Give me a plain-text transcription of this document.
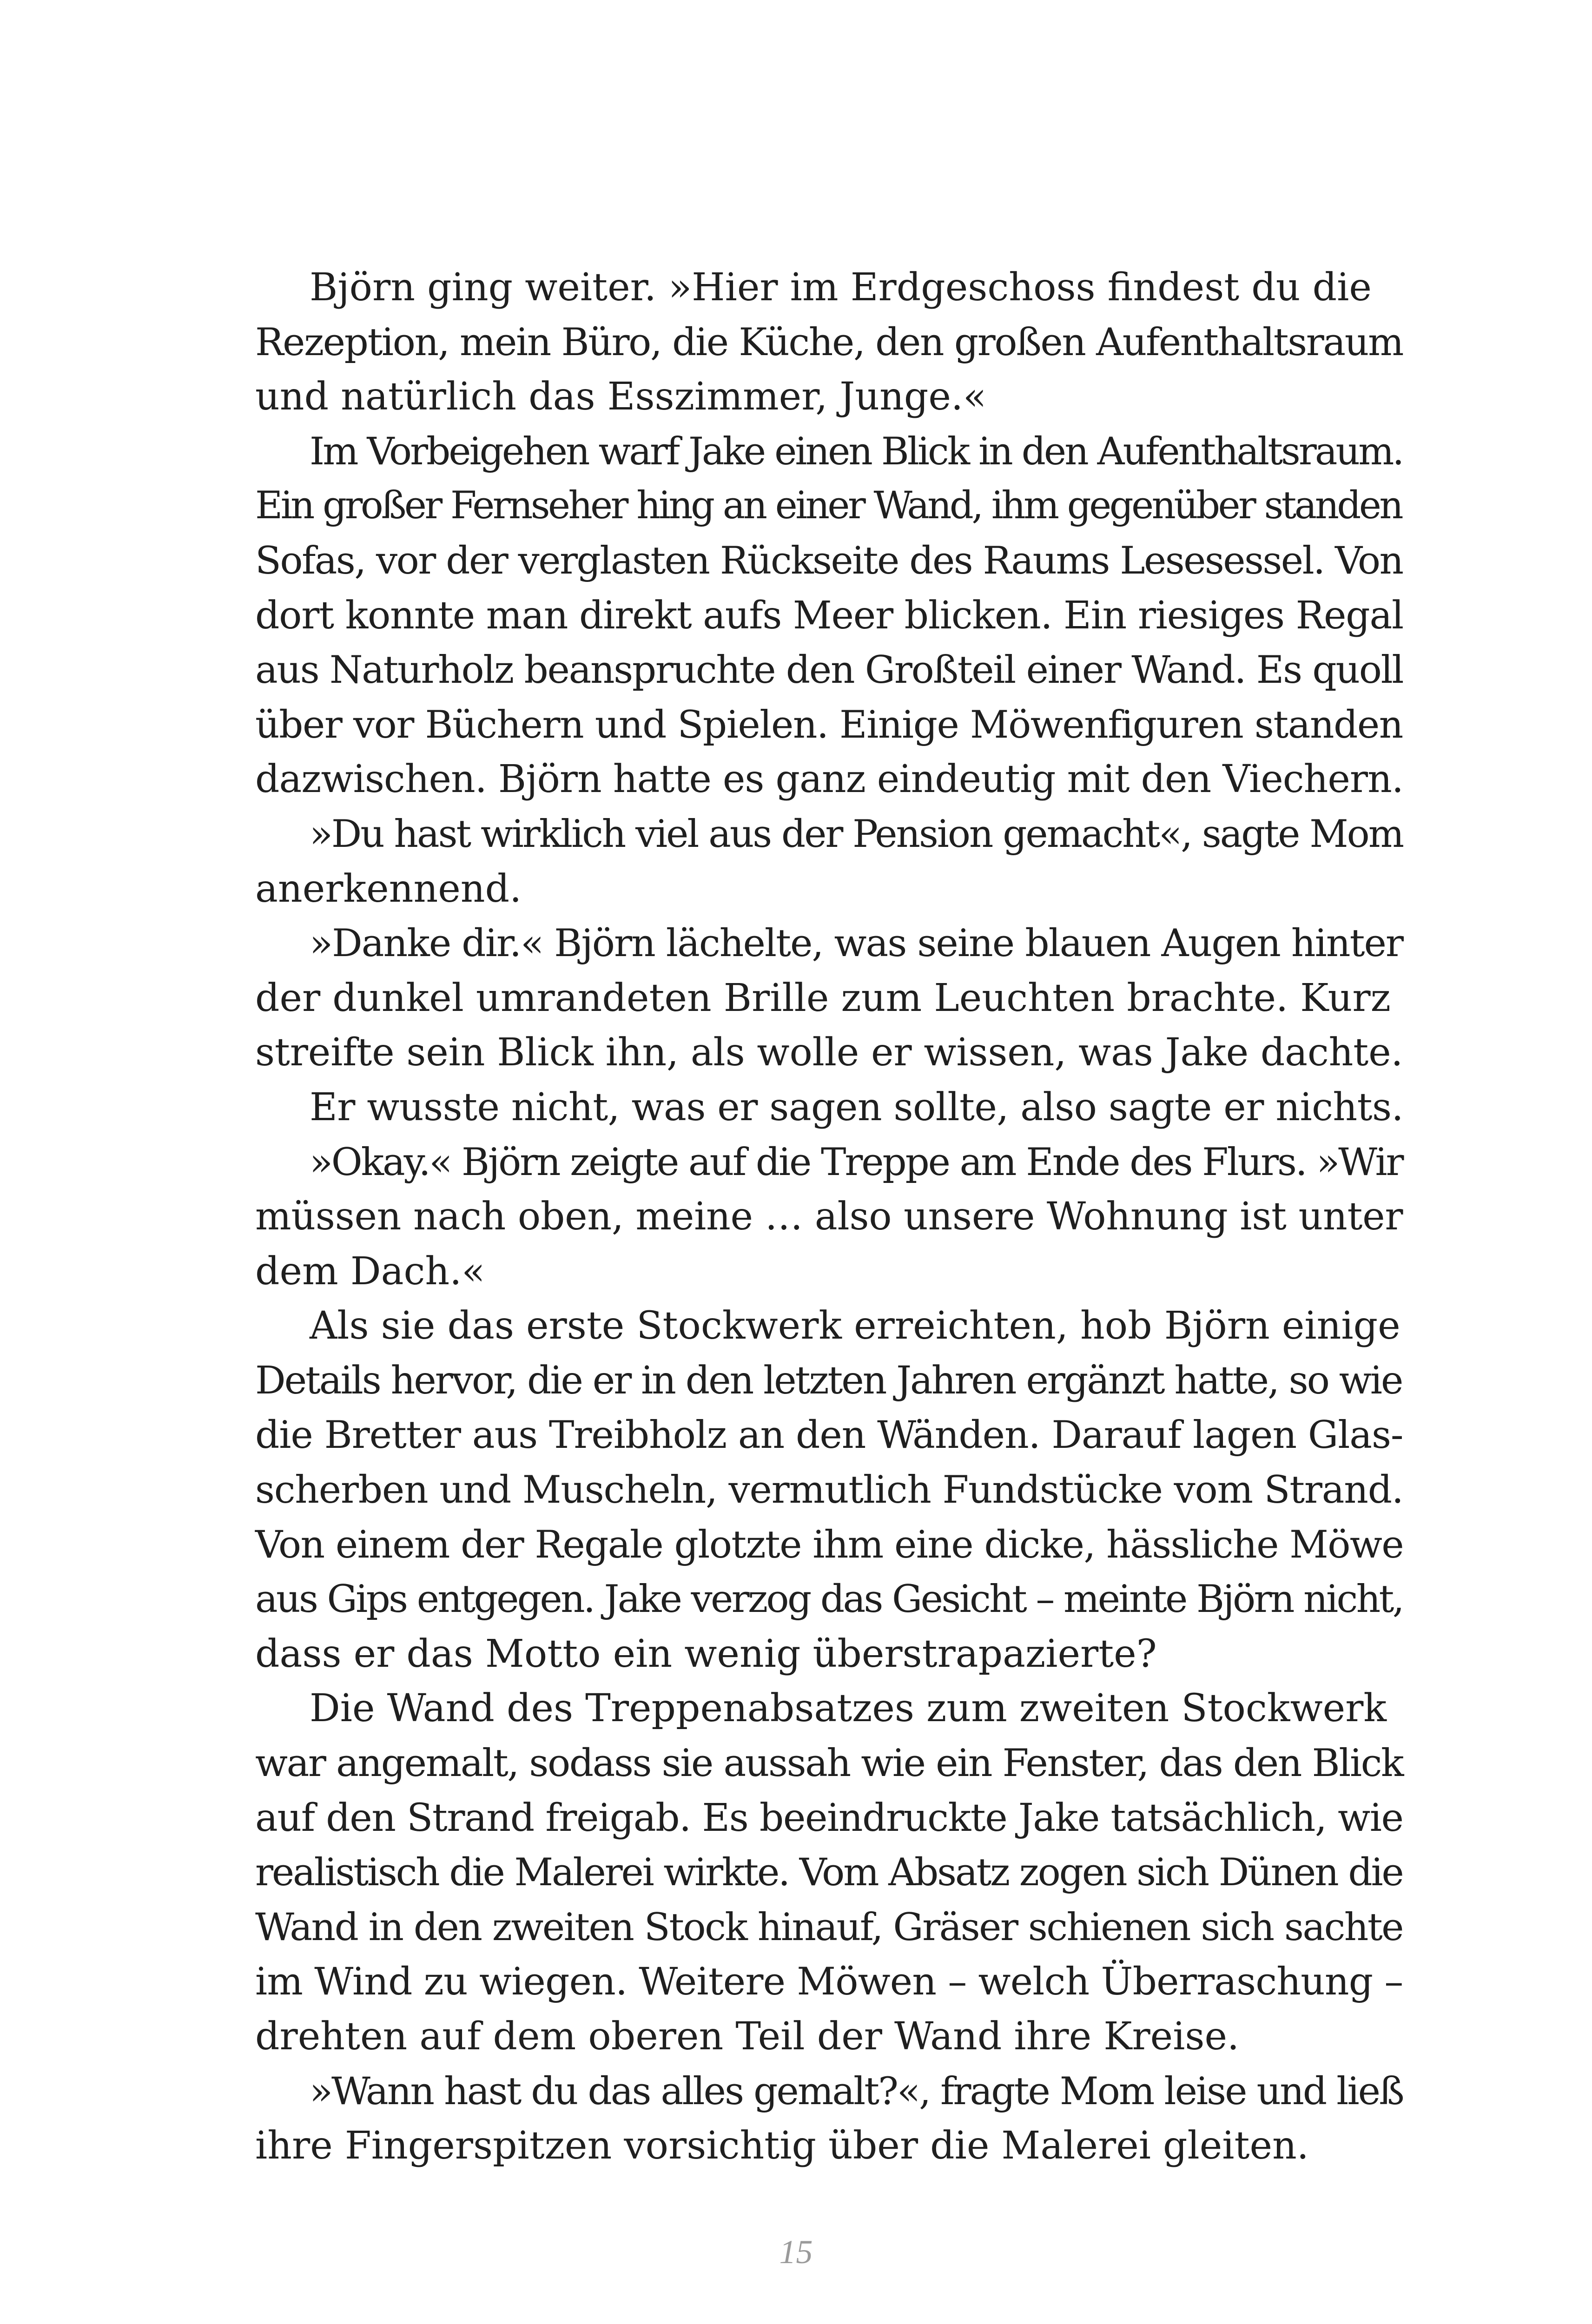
Björn ging weiter. »Hier im Erdgeschoss findest du die
Rezeption, mein Büro, die Küche, den großen Aufenthaltsraum
und natürlich das Esszimmer, Junge.«
Im Vorbeigehen warf Jake einen Blick in den Aufenthaltsraum.
Ein großer Fernseher hing an einer Wand, ihm gegenüber standen
Sofas, vor der verglasten Rückseite des Raums Lesesessel. Von
dort konnte man direkt aufs Meer blicken. Ein riesiges Regal
aus Naturholz beanspruchte den Großteil einer Wand. Es quoll
über vor Büchern und Spielen. Einige Möwenfiguren standen
dazwischen. Björn hatte es ganz eindeutig mit den Viechern.
»Du hast wirklich viel aus der Pension gemacht«, sagte Mom
anerkennend.
»Danke dir.« Björn lächelte, was seine blauen Augen hinter
der dunkel umrandeten Brille zum Leuchten brachte. Kurz
streifte sein Blick ihn, als wolle er wissen, was Jake dachte.
Er wusste nicht, was er sagen sollte, also sagte er nichts.
»Okay.« Björn zeigte auf die Treppe am Ende des Flurs. »Wir
müssen nach oben, meine … also unsere Wohnung ist unter
dem Dach.«
Als sie das erste Stockwerk erreichten, hob Björn einige
Details hervor, die er in den letzten Jahren ergänzt hatte, so wie
die Bretter aus Treibholz an den Wänden. Darauf lagen Glas-
scherben und Muscheln, vermutlich Fundstücke vom Strand.
Von einem der Regale glotzte ihm eine dicke, hässliche Möwe
aus Gips entgegen. Jake verzog das Gesicht – meinte Björn nicht,
dass er das Motto ein wenig überstrapazierte?
Die Wand des Treppenabsatzes zum zweiten Stockwerk
war angemalt, sodass sie aussah wie ein Fenster, das den Blick
auf den Strand freigab. Es beeindruckte Jake tatsächlich, wie
realistisch die Malerei wirkte. Vom Absatz zogen sich Dünen die
Wand in den zweiten Stock hinauf, Gräser schienen sich sachte
im Wind zu wiegen. Weitere Möwen – welch Überraschung –
drehten auf dem oberen Teil der Wand ihre Kreise.
»Wann hast du das alles gemalt?«, fragte Mom leise und ließ
ihre Fingerspitzen vorsichtig über die Malerei gleiten.
15
